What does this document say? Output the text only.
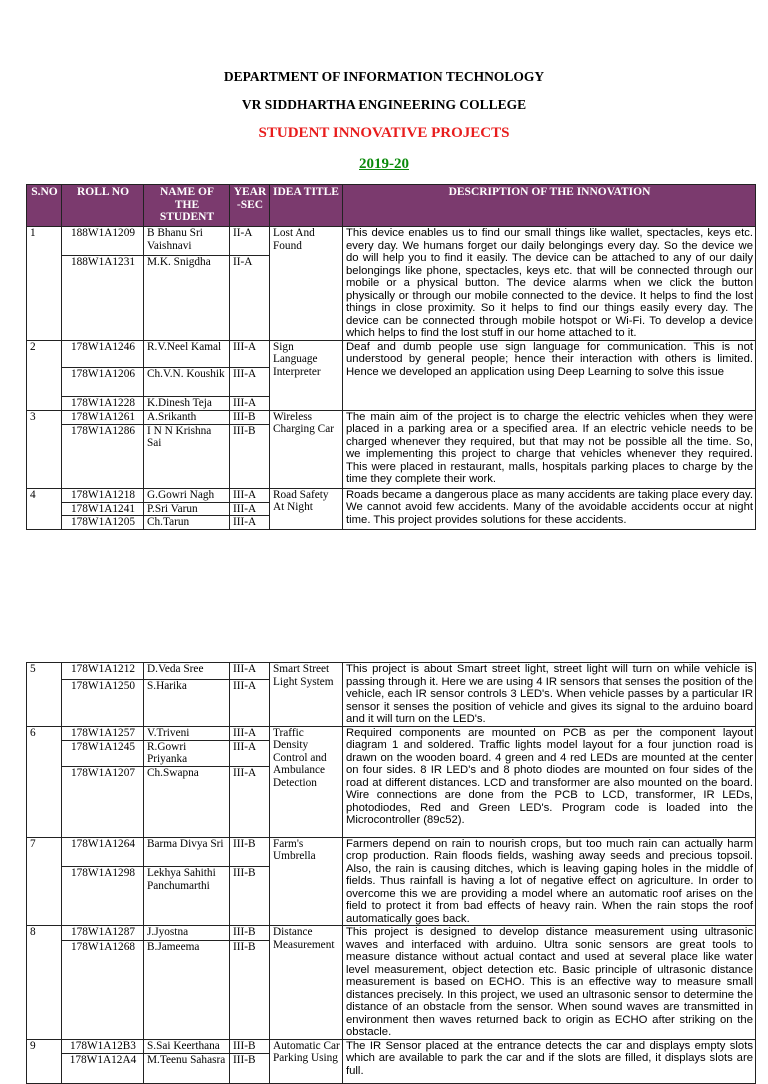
DEPARTMENT OF INFORMATION TECHNOLOGY
VR SIDDHARTHA ENGINEERING COLLEGE
STUDENT INNOVATIVE PROJECTS
2019-20
S.NO	ROLL NO	NAME OF THE STUDENT	YEAR -SEC	IDEA TITLE	DESCRIPTION OF THE INNOVATION
1	188W1A1209	B Bhanu Sri Vaishnavi	II-A	Lost And Found	This device enables us to find our small things like wallet, spectacles, keys etc. every day. We humans forget our daily belongings every day. So the device we do will help you to find it easily. The device can be attached to any of our daily belongings like phone, spectacles, keys etc. that will be connected through our mobile or a physical button. The device alarms when we click the button physically or through our mobile connected to the device. It helps to find the lost things in close proximity. So it helps to find our things easily every day. The device can be connected through mobile hotspot or Wi-Fi. To develop a device which helps to find the lost stuff in our home attached to it.
	188W1A1231	M.K. Snigdha	II-A		
2	178W1A1246	R.V.Neel Kamal	III-A	Sign Language Interpreter	Deaf and dumb people use sign language for communication. This is not understood by general people; hence their interaction with others is limited. Hence we developed an application using Deep Learning to solve this issue
	178W1A1206	Ch.V.N. Koushik	III-A		
	178W1A1228	K.Dinesh Teja	III-A		
3	178W1A1261	A.Srikanth	III-B	Wireless Charging Car	The main aim of the project is to charge the electric vehicles when they were placed in a parking area or a specified area. If an electric vehicle needs to be charged whenever they required, but that may not be possible all the time. So, we implementing this project to charge that vehicles whenever they required. This were placed in restaurant, malls, hospitals parking places to charge by the time they complete their work.
	178W1A1286	I N N Krishna Sai	III-B		
4	178W1A1218	G.Gowri Nagh	III-A	Road Safety At Night	Roads became a dangerous place as many accidents are taking place every day. We cannot avoid few accidents. Many of the avoidable accidents occur at night time. This project provides solutions for these accidents.
	178W1A1241	P.Sri Varun	III-A		
	178W1A1205	Ch.Tarun	III-A		
5	178W1A1212	D.Veda Sree	III-A	Smart Street Light System	This project is about Smart street light, street light will turn on while vehicle is passing through it. Here we are using 4 IR sensors that senses the position of the vehicle, each IR sensor controls 3 LED's. When vehicle passes by a particular IR sensor it senses the position of vehicle and gives its signal to the arduino board and it will turn on the LED's.
	178W1A1250	S.Harika	III-A		
6	178W1A1257	V.Triveni	III-A	Traffic Density Control and Ambulance Detection	Required components are mounted on PCB as per the component layout diagram 1 and soldered. Traffic lights model layout for a four junction road is drawn on the wooden board. 4 green and 4 red LEDs are mounted at the center on four sides. 8 IR LED's and 8 photo diodes are mounted on four sides of the road at different distances. LCD and transformer are also mounted on the board. Wire connections are done from the PCB to LCD, transformer, IR LEDs, photodiodes, Red and Green LED's. Program code is loaded into the Microcontroller (89c52).
	178W1A1245	R.Gowri Priyanka	III-A		
	178W1A1207	Ch.Swapna	III-A		
7	178W1A1264	Barma Divya Sri	III-B	Farm's Umbrella	Farmers depend on rain to nourish crops, but too much rain can actually harm crop production. Rain floods fields, washing away seeds and precious topsoil. Also, the rain is causing ditches, which is leaving gaping holes in the middle of fields. Thus rainfall is having a lot of negative effect on agriculture. In order to overcome this we are providing a model where an automatic roof arises on the field to protect it from bad effects of heavy rain. When the rain stops the roof automatically goes back.
	178W1A1298	Lekhya Sahithi Panchumarthi	III-B		
8	178W1A1287	J.Jyostna	III-B	Distance Measurement	This project is designed to develop distance measurement using ultrasonic waves and interfaced with arduino. Ultra sonic sensors are great tools to measure distance without actual contact and used at several place like water level measurement, object detection etc. Basic principle of ultrasonic distance measurement is based on ECHO. This is an effective way to measure small distances precisely. In this project, we used an ultrasonic sensor to determine the distance of an obstacle from the sensor. When sound waves are transmitted in environment then waves returned back to origin as ECHO after striking on the obstacle.
	178W1A1268	B.Jameema	III-B		
9	178W1A12B3	S.Sai Keerthana	III-B	Automatic Car Parking Using	The IR Sensor placed at the entrance detects the car and displays empty slots which are available to park the car and if the slots are filled, it displays slots are full.
	178W1A12A4	M.Teenu Sahasra	III-B		
